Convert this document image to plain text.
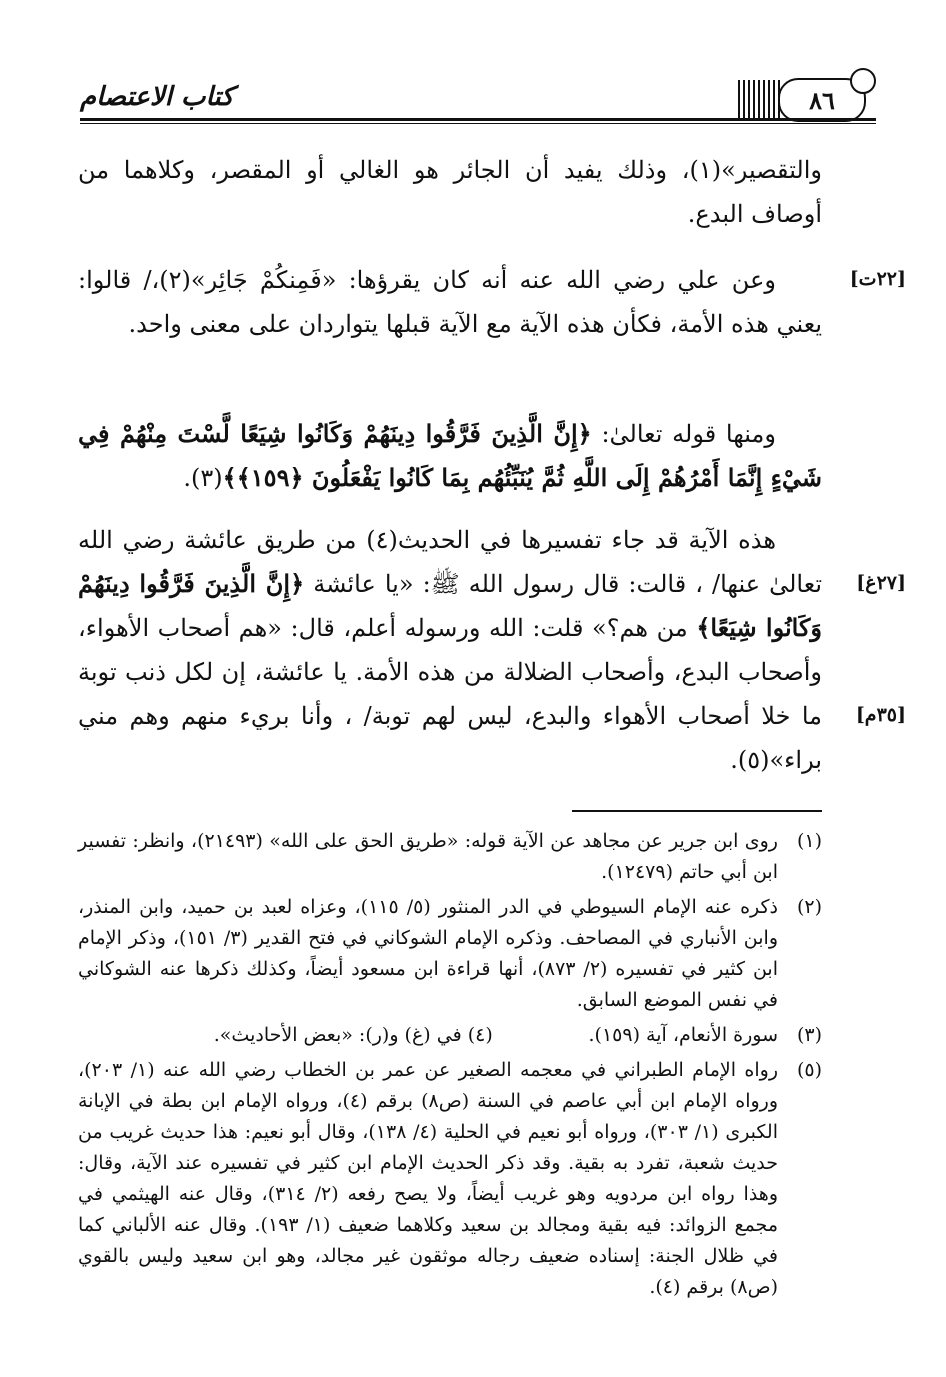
كتاب الاعتصام	٨٦
والتقصير»(١)، وذلك يفيد أن الجائر هو الغالي أو المقصر، وكلاهما من أوصاف البدع.
[٢٢ت]
وعن علي رضي الله عنه أنه كان يقرؤها: «فَمِنكُمْ جَائِر»(٢)،/ قالوا: يعني هذه الأمة، فكأن هذه الآية مع الآية قبلها يتواردان على معنى واحد.
ومنها قوله تعالىٰ: ﴿إِنَّ الَّذِينَ فَرَّقُوا دِينَهُمْ وَكَانُوا شِيَعًا لَّسْتَ مِنْهُمْ فِي شَيْءٍ إِنَّمَا أَمْرُهُمْ إِلَى اللَّهِ ثُمَّ يُنَبِّئُهُم بِمَا كَانُوا يَفْعَلُونَ ﴿١٥٩﴾﴾(٣).
[٢٧غ]
[٣٥م]
هذه الآية قد جاء تفسيرها في الحديث(٤) من طريق عائشة رضي الله تعالىٰ عنها/ ، قالت: قال رسول الله ﷺ: «يا عائشة ﴿إِنَّ الَّذِينَ فَرَّقُوا دِينَهُمْ وَكَانُوا شِيَعًا﴾ من هم؟» قلت: الله ورسوله أعلم، قال: «هم أصحاب الأهواء، وأصحاب البدع، وأصحاب الضلالة من هذه الأمة. يا عائشة، إن لكل ذنب توبة ما خلا أصحاب الأهواء والبدع، ليس لهم توبة/ ، وأنا بريء منهم وهم مني براء»(٥).
(١)
روى ابن جرير عن مجاهد عن الآية قوله: «طريق الحق على الله» (٢١٤٩٣)، وانظر: تفسير ابن أبي حاتم (١٢٤٧٩).
(٢)
ذكره عنه الإمام السيوطي في الدر المنثور (٥/ ١١٥)، وعزاه لعبد بن حميد، وابن المنذر، وابن الأنباري في المصاحف. وذكره الإمام الشوكاني في فتح القدير (٣/ ١٥١)، وذكر الإمام ابن كثير في تفسيره (٢/ ٨٧٣)، أنها قراءة ابن مسعود أيضاً، وكذلك ذكرها عنه الشوكاني في نفس الموضع السابق.
(٣)
سورة الأنعام، آية (١٥٩).
(٤) في (غ) و(ر): «بعض الأحاديث».
(٥)
رواه الإمام الطبراني في معجمه الصغير عن عمر بن الخطاب رضي الله عنه (١/ ٢٠٣)، ورواه الإمام ابن أبي عاصم في السنة (ص٨) برقم (٤)، ورواه الإمام ابن بطة في الإبانة الكبرى (١/ ٣٠٣)، ورواه أبو نعيم في الحلية (٤/ ١٣٨)، وقال أبو نعيم: هذا حديث غريب من حديث شعبة، تفرد به بقية. وقد ذكر الحديث الإمام ابن كثير في تفسيره عند الآية، وقال: وهذا رواه ابن مردويه وهو غريب أيضاً، ولا يصح رفعه (٢/ ٣١٤)، وقال عنه الهيثمي في مجمع الزوائد: فيه بقية ومجالد بن سعيد وكلاهما ضعيف (١/ ١٩٣). وقال عنه الألباني كما في ظلال الجنة: إسناده ضعيف رجاله موثقون غير مجالد، وهو ابن سعيد وليس بالقوي (ص٨) برقم (٤).
